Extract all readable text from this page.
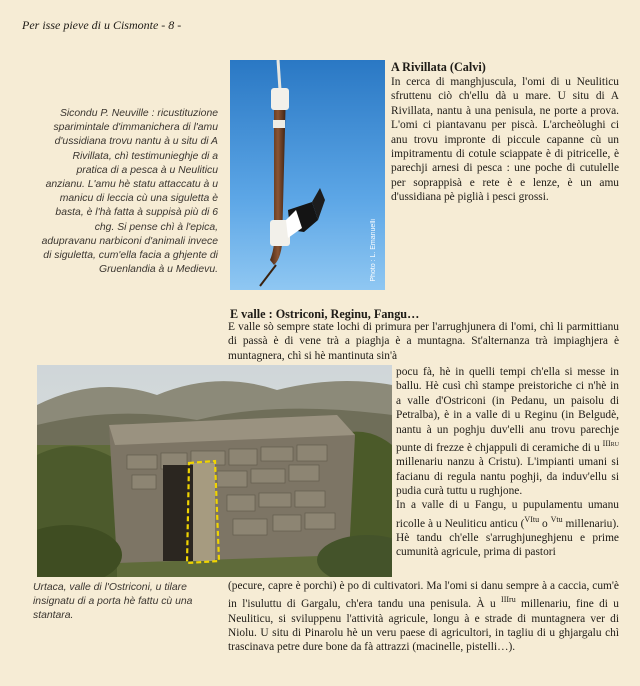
Per isse pieve di u Cismonte - 8 -
Sicondu P. Neuville : ricustituzione sparimintale d'immanichera di l'amu d'ussidiana trovu nantu à u situ di A Rivillata, chì testimunieghje di a pratica di a pesca à u Neuliticu anzianu. L'amu hè statu attaccatu à u manicu di leccia cù una siguletta è basta, è l'hà fatta à suppisà più di 6 chg. Si pense chì à l'epica, adupravanu narbiconi d'animali invece di siguletta, cum'ella facia a ghjente di Gruenlandia à u Medievu.	Photo : L. Emanuelli
A Rivillata (Calvi)
In cerca di manghjuscula, l'omi di u Neuliticu sfruttenu ciò ch'ellu dà u mare. U situ di A Rivillata, nantu à una penisula, ne porte a prova. L'omi ci piantavanu per piscà. L'archeòlughi ci anu trovu impronte di piccule capanne cù un impitramentu di cotule sciappate è di pitricelle, è parechji arnesi di pesca : une poche di cutulelle per soprappisà e rete è e lenze, è un amu d'ussidiana pè piglià i pesci grossi.
E valle : Ostriconi, Reginu, Fangu…
E valle sò sempre state lochi di primura per l'arrughjunera di l'omi, chì li parmittianu di passà è di vene trà a piaghja è a muntagna. St'alternanza trà impiaghjera è muntagnera, chì si hè mantinuta sin'à
pocu fà, hè in quelli tempi ch'ella si messe in ballu. Hè cusì chì stampe preistoriche ci n'hè in a valle d'Ostriconi (in Pedanu, un paisolu di Petralba), è in a valle di u Reginu (in Belgudè, nantu à un poghju duv'elli anu trovu parechje punte di frezze è chjappuli di ceramiche di u $^{IIIru}$ millenariu nanzu à Cristu). L'impianti umani si facianu di regula nantu poghji, da induv'ellu si pudia curà tuttu u rughjone.
In a valle di u Fangu, u pupulamentu umanu ricolle à u Neuliticu anticu ($^{VItu}$ o $^{Vtu}$ millenariu). Hè tandu ch'elle s'arrughjuneghjenu e prime cumunità agricule, prima di pastori
Urtaca, valle di l'Ostriconi, u tilare insignatu di a porta hè fattu cù una stantara.
(pecure, capre è porchi) è po di cultivatori. Ma l'omi si danu sempre à a caccia, cum'è in l'isuluttu di Gargalu, ch'era tandu una penisula. À u $^{IIIru}$ millenariu, fine di u Neuliticu, si sviluppenu l'attività agricule, longu à e strade di muntagnera ver di Niolu. U situ di Pinarolu hè un veru paese di agricultori, in tagliu di u ghjargalu chì trascinava petre dure bone da fà attrazzi (macinelle, pistelli…).
